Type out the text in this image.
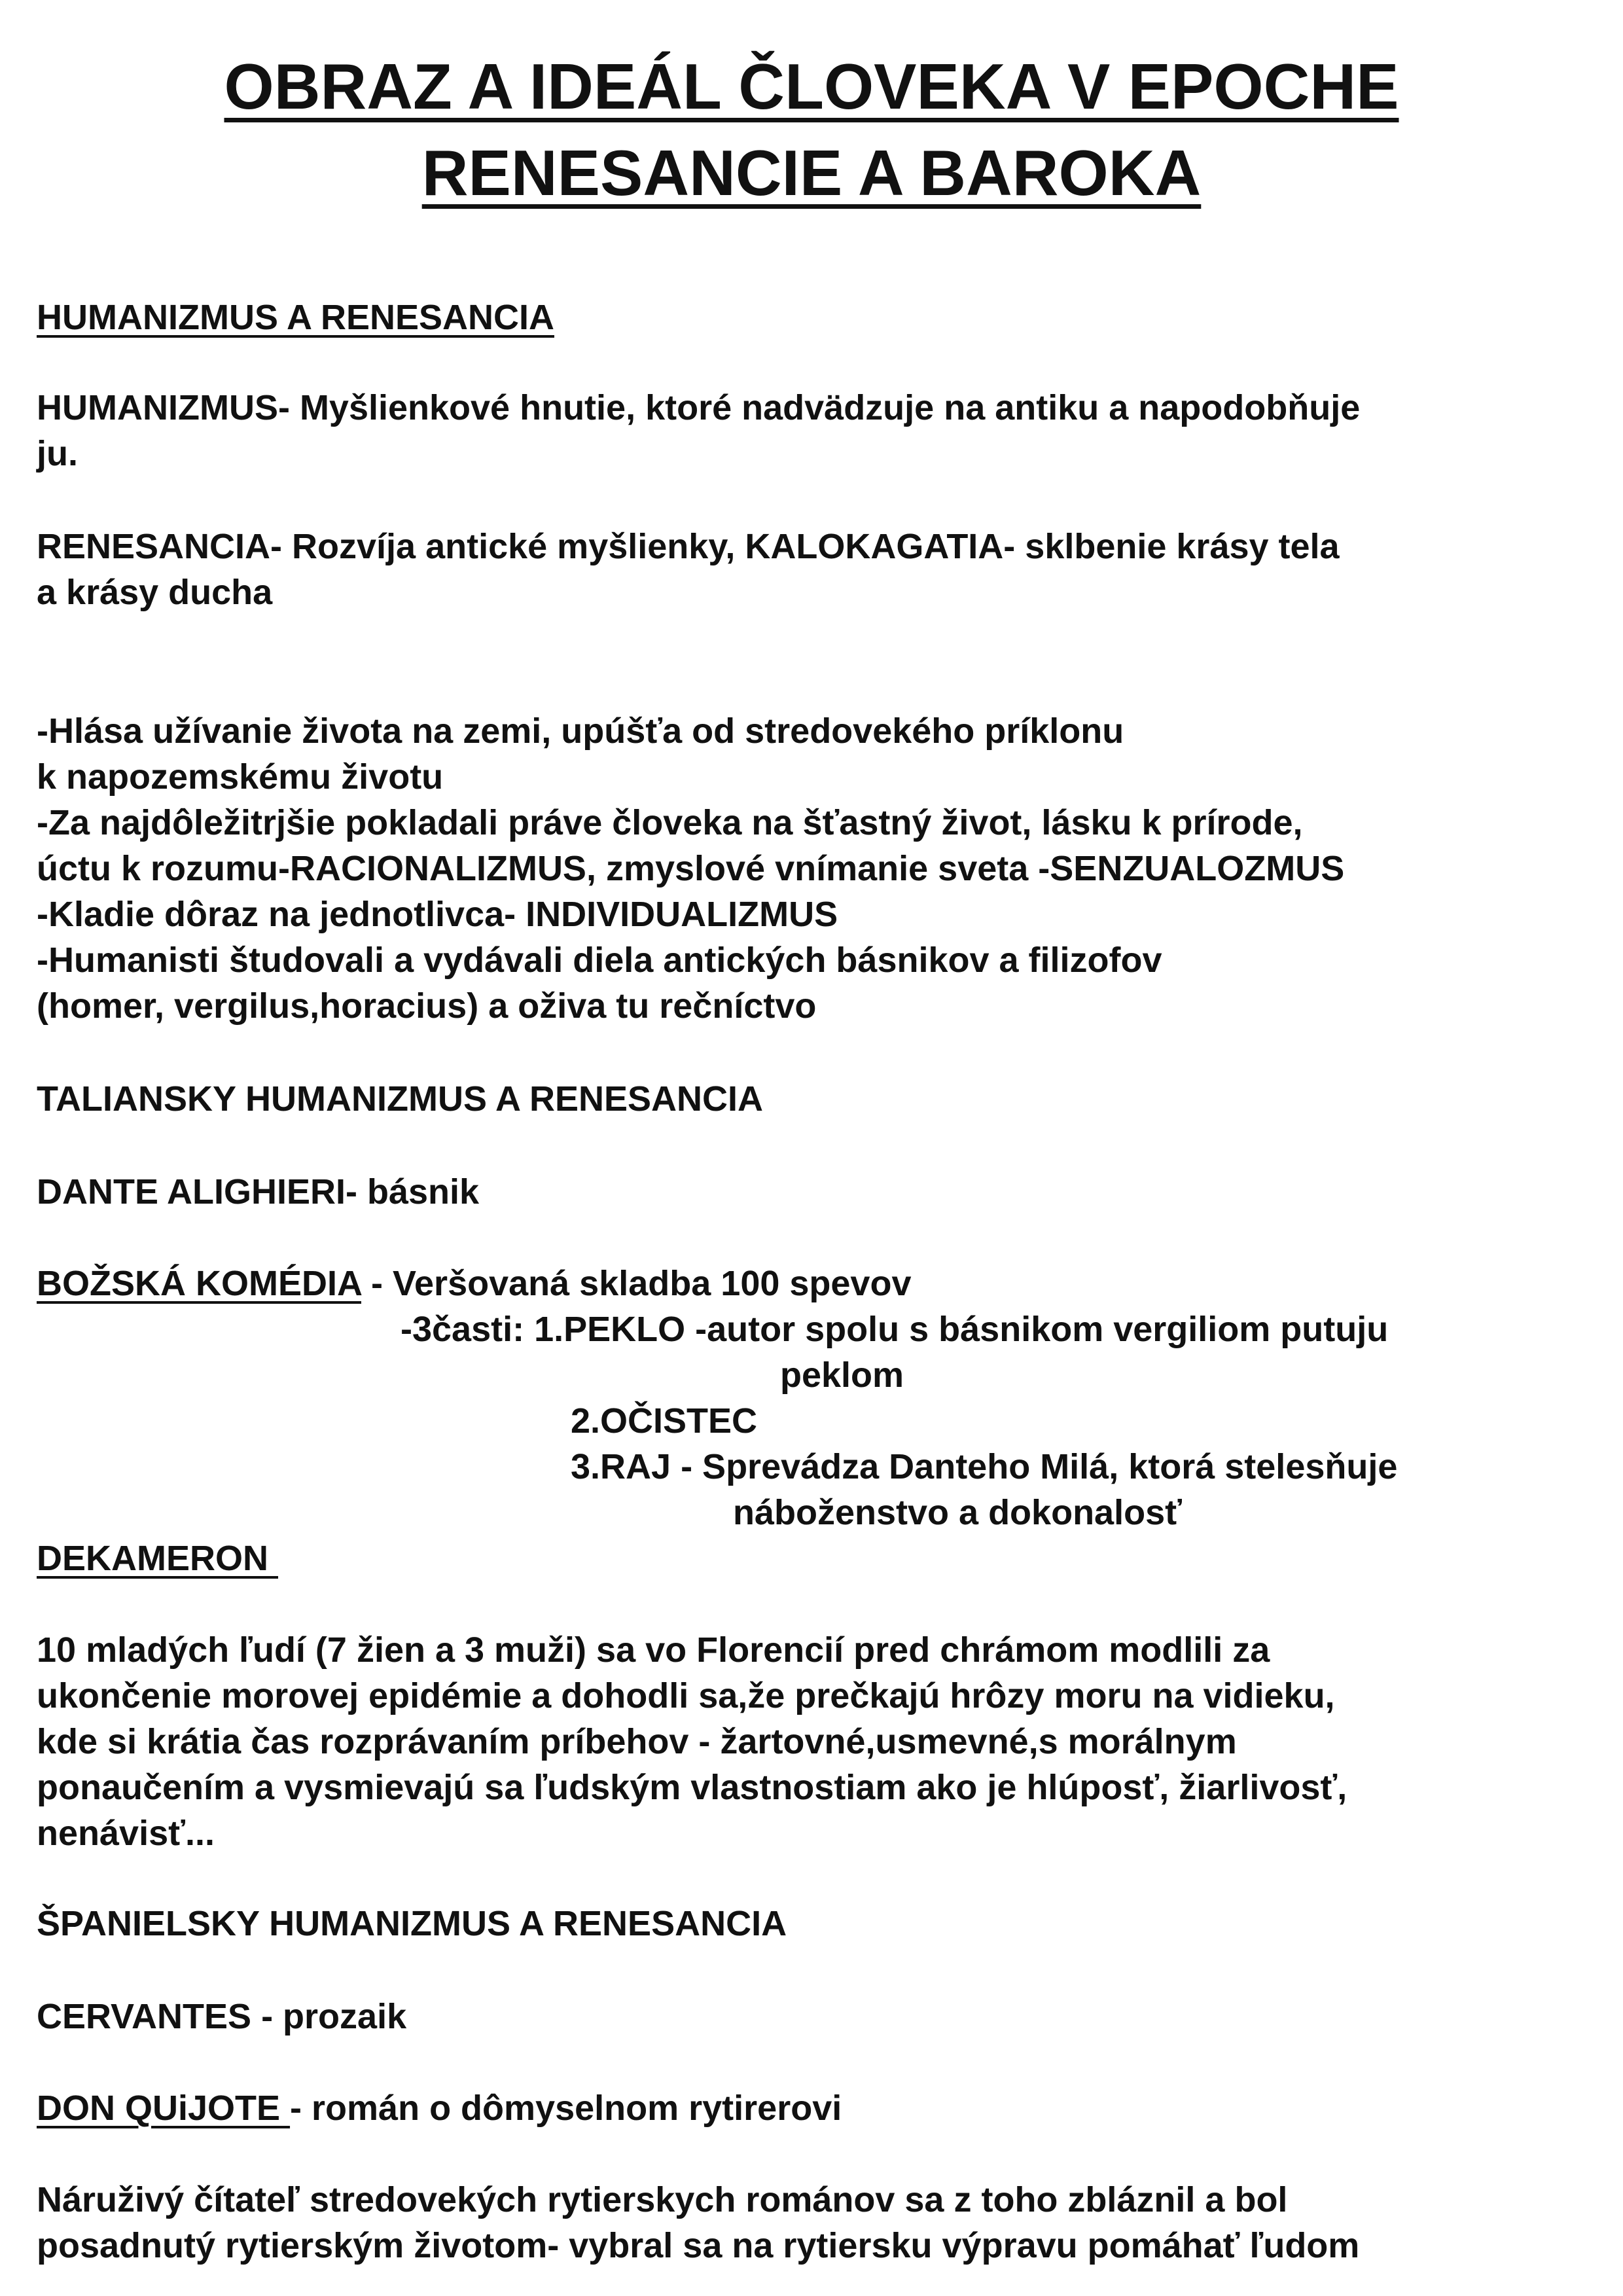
OBRAZ A IDEÁL ČLOVEKA V EPOCHE
RENESANCIE A BAROKA
HUMANIZMUS A RENESANCIA
HUMANIZMUS- Myšlienkové hnutie, ktoré nadvädzuje na antiku a napodobňuje
ju.
RENESANCIA- Rozvíja antické myšlienky, KALOKAGATIA- sklbenie krásy tela
a krásy ducha
-Hlása užívanie života na zemi, upúšťa od stredovekého príklonu
k napozemskému životu
-Za najdôležitrjšie pokladali práve človeka na šťastný život, lásku k prírode,
úctu k rozumu-RACIONALIZMUS, zmyslové vnímanie sveta -SENZUALOZMUS
-Kladie dôraz na jednotlivca- INDIVIDUALIZMUS
-Humanisti študovali a vydávali diela antických básnikov a filizofov
(homer, vergilus,horacius) a oživa tu rečníctvo
TALIANSKY HUMANIZMUS A RENESANCIA
DANTE ALIGHIERI- básnik
BOŽSKÁ KOMÉDIA - Veršovaná skladba 100 spevov
-3časti: 1.PEKLO -autor spolu s básnikom vergiliom putuju
peklom
2.OČISTEC
3.RAJ - Sprevádza Danteho Milá, ktorá stelesňuje
náboženstvo a dokonalosť
DEKAMERON
10 mladých ľudí (7 žien a 3 muži) sa vo Florencií pred chrámom modlili za
ukončenie morovej epidémie a dohodli sa,že prečkajú hrôzy moru na vidieku,
kde si krátia čas rozprávaním príbehov - žartovné,usmevné,s morálnym
ponaučením a vysmievajú sa ľudským vlastnostiam ako je hlúposť, žiarlivosť,
nenávisť...
ŠPANIELSKY HUMANIZMUS A RENESANCIA
CERVANTES - prozaik
DON QUiJOTE - román o dômyselnom rytirerovi
Náruživý čítateľ stredovekých rytierskych románov sa z toho zbláznil a bol
posadnutý rytierským životom- vybral sa na rytiersku výpravu pomáhať ľudom
